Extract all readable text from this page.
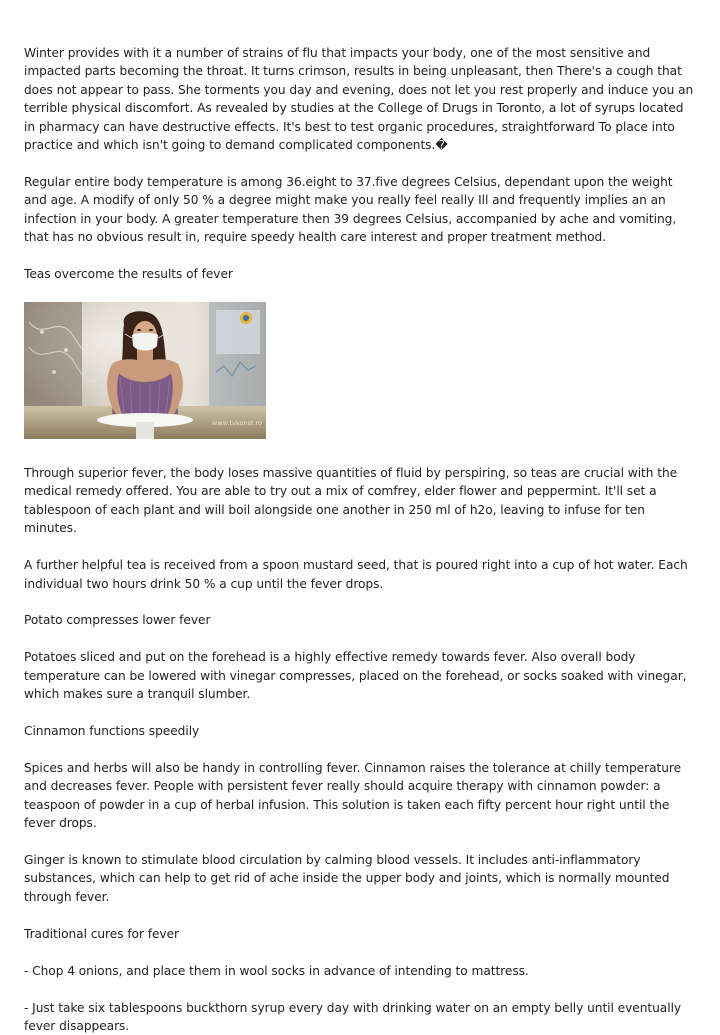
Winter provides with it a number of strains of flu that impacts your body, one of the most sensitive and impacted parts becoming the throat. It turns crimson, results in being unpleasant, then There's a cough that does not appear to pass. She torments you day and evening, does not let you rest properly and induce you an terrible physical discomfort. As revealed by studies at the College of Drugs in Toronto, a lot of syrups located in pharmacy can have destructive effects. It's best to test organic procedures, straightforward To place into practice and which isn't going to demand complicated components.�

Regular entire body temperature is among 36.eight to 37.five degrees Celsius, dependant upon the weight and age. A modify of only 50 % a degree might make you really feel really Ill and frequently implies an an infection in your body. A greater temperature then 39 degrees Celsius, accompanied by ache and vomiting, that has no obvious result in, require speedy health care interest and proper treatment method.

Teas overcome the results of fever

www.tvkonst.ro

Through superior fever, the body loses massive quantities of fluid by perspiring, so teas are crucial with the medical remedy offered. You are able to try out a mix of comfrey, elder flower and peppermint. It'll set a tablespoon of each plant and will boil alongside one another in 250 ml of h2o, leaving to infuse for ten minutes.

A further helpful tea is received from a spoon mustard seed, that is poured right into a cup of hot water. Each individual two hours drink 50 % a cup until the fever drops.

Potato compresses lower fever

Potatoes sliced and put on the forehead is a highly effective remedy towards fever. Also overall body temperature can be lowered with vinegar compresses, placed on the forehead, or socks soaked with vinegar, which makes sure a tranquil slumber.

Cinnamon functions speedily

Spices and herbs will also be handy in controlling fever. Cinnamon raises the tolerance at chilly temperature and decreases fever. People with persistent fever really should acquire therapy with cinnamon powder: a teaspoon of powder in a cup of herbal infusion. This solution is taken each fifty percent hour right until the fever drops.

Ginger is known to stimulate blood circulation by calming blood vessels. It includes anti-inflammatory substances, which can help to get rid of ache inside the upper body and joints, which is normally mounted through fever.

Traditional cures for fever

- Chop 4 onions, and place them in wool socks in advance of intending to mattress.

- Just take six tablespoons buckthorn syrup every day with drinking water on an empty belly until eventually fever disappears.
